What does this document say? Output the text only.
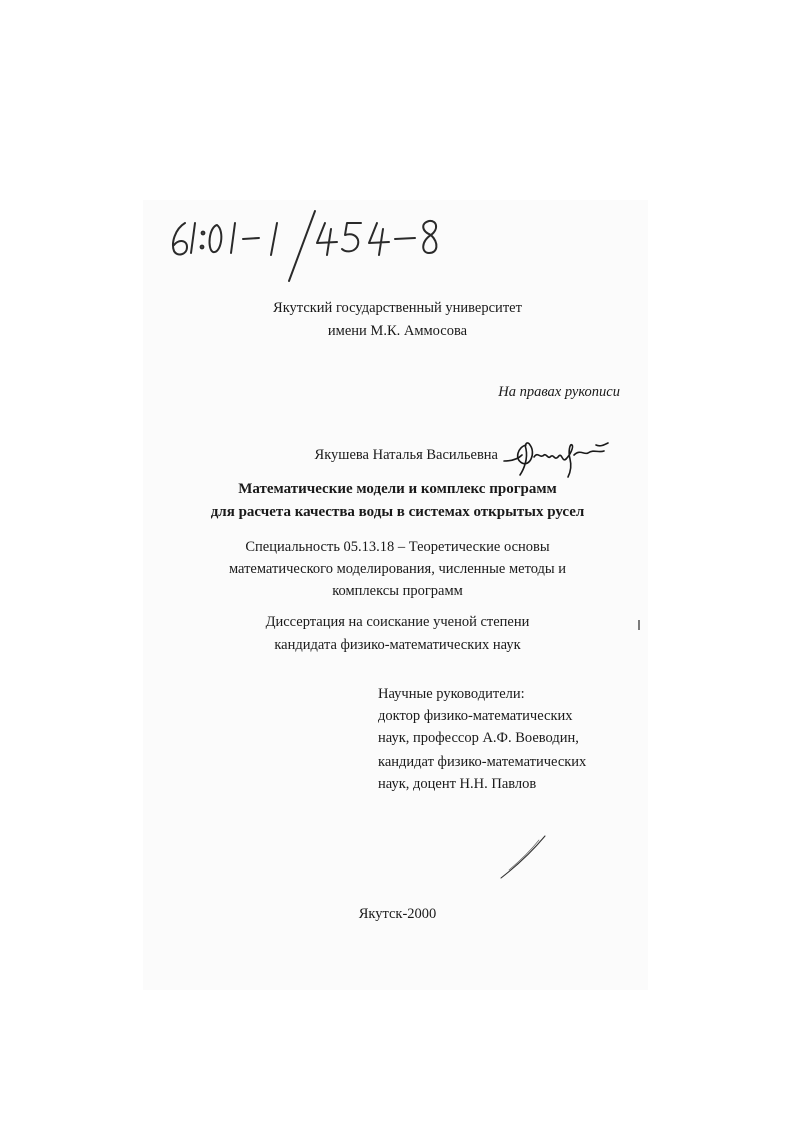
Якутский государственный университет
имени М.К. Аммосова
На правах рукописи
Якушева Наталья Васильевна
Математические модели и комплекс программ
для расчета качества воды в системах открытых русел
Специальность 05.13.18 – Теоретические основы
математического моделирования, численные методы и
комплексы программ
Диссертация на соискание ученой степени
кандидата физико-математических наук
Научные руководители:
доктор физико-математических
наук, профессор А.Ф. Воеводин,
кандидат физико-математических
наук, доцент Н.Н. Павлов
Якутск-2000
